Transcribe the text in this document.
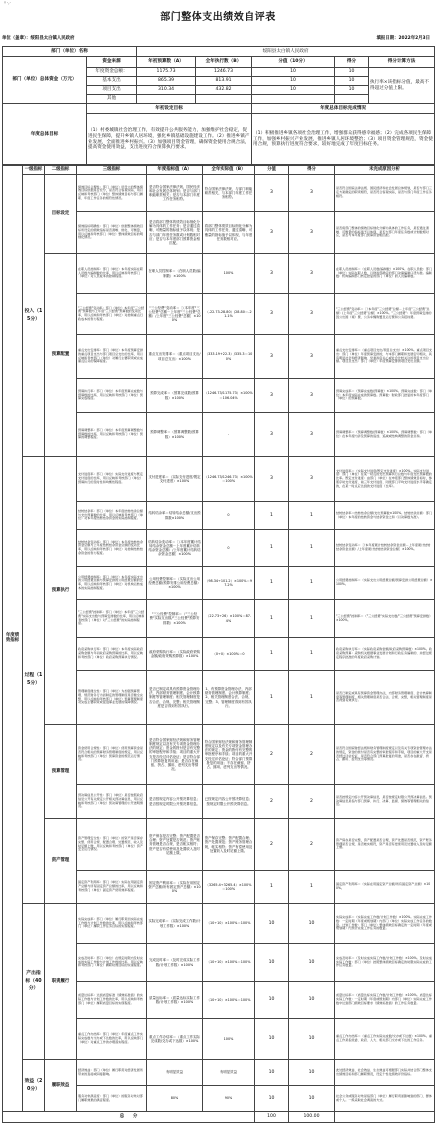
〃·,·
部门整体支出绩效自评表
单位（盖章）：绥阳县太白镇人民政府	填报日期：2022年2月3日
部门（单位）名称		绥阳县太白镇人民政府				
部门（单位）总体资金（万元）	资金来源	年初预算数（A）	全年执行数（B）	分值（10分）	得分	得分计算方法
	年度资金总额：	1175.73	1246.73	10	10	执行率×该指标分值，最高不得超过分值上限。
	基本支出	865.39	813.91	10	10	
	项目支出	310.34	432.82	10	10	
	其他					
年度总体目标	年初设定目标			年度总体目标完成情况		
	（1）村委城镇社会治理工作，有效提升公共服务能力，加强维护社会稳定，促进民生保障，提升乡镇人居环境，强化乡镇基础设施建设工作。（2）推进乡镇产业发展，全面推进乡村振兴。（3）加强项目资金管理，确保资金使用合规合法，提高资金使用效益，支出进度符合预算执行要求。			（1）积极推进乡镇各项社会治理工作，增强群众获得感幸福感；（2）完成各项民生保障工作，加强乡村振兴产业发展，推进乡镇人居环境整治；（3）项目资金管理规范，资金使用合规，预算执行进度符合要求，较好地完成了年度目标任务。		
年度绩效指标	一级指标	二级指标	三级指标	年度指标值（A）	全年实际值（B）	分值	得分	未完成原因分析
	投入（15分）	目标设定	绩效目标合理性：部门（单位）所设立的整体绩效目标依据是否充分，是否符合客观实际，用以反映和考核部门（单位）整体绩效目标与部门履职、年度工作任务的相符性情况。	是否符合国家法律法规、国民经济和社会发展总体规划；是否与部门职能职责相关；是否与本部门年度工作任务相符。	符合国家法律法规，与部门职能职责相关，与本部门年度工作任务相符。	3	3	是否符合国家法律法规、国民经济和社会发展总体规划，是否与部门三定方案确定的职责相符，是否符合客观实际，是否与部门年度工作任务相符。
			绩效指标明确性：部门（单位）依据整体绩效目标所设定的绩效指标是否清晰、细化、可衡量，用以反映和考核部门（单位）整体绩效目标的明细化情况。	是否将部门整体的绩效目标细化分解为具体的工作任务；是否通过清晰、可衡量的指标值予以体现；是否与部门年度任务数或计划数相对应；是否与本年度部门预算资金相匹配。	将部门整体绩效目标细化分解为具体的工作任务，通过清晰、可衡量的指标值予以体现，与年度任务数相对应。	3	3	是否将部门整体的绩效目标细化分解为具体的工作任务，是否通过清晰、可衡量的指标值予以体现，是否与部门年度任务数或计划数相对应，是否与本年度部门预算资金相匹配。
		预算配置	在职人员控制率：部门（单位）本年度实际在职人员数与编制数的比率，用以反映和考核部门（单位）对人员成本的控制程度。	在职人员控制率＝（在职人员数/编制数）×100%	100%	3	3	在职人员控制率＝（在职人员数/编制数）×100%。在职人员数：部门（单位）实际在职人数，以财政部确定的部门决算编制口径为准。编制数：机构编制部门核定批复的部门（单位）的人员编制数。
			"三公经费"变动率：部门（单位）本年度"三公经费"预算数与上年度"三公经费"预算数的变动比率，用以反映和考核部门（单位）对控制重点行政成本的努力程度。	"三公经费"变动率＝［（本年度"三公经费"总额－上年度"三公经费"总额）/上年度"三公经费"总额］×100%	（-22.73-28.80）/28.80＝-21.1%	3	3	"三公经费"变动率＝［（本年度"三公经费"总额－上年度"三公经费"总额）/上年度"三公经费"总额］×100%。"三公经费"：年度预算安排的因公出国（境）费、公务车辆购置及运行费和公务招待费。
			重点支出安排率：部门（单位）本年度预算安排的重点项目支出与部门项目总支出的比率，用以反映和考核部门（单位）对履行主要职责或完成重点任务的保障程度。	重点支出安排率＝（重点项目支出/项目总支出）×100%	（333.19+22.3）/335.3＝100%	3	3	重点支出安排率＝（重点项目支出/项目总支出）×100%。重点项目支出：部门（单位）年度预算安排的，与本部门履职和发展密切相关、具有明显社会和经济影响、党委政府关心或社会比较关注的项目支出总额。项目总支出：部门（单位）年度预算安排的项目支出总额。
			预算执行率：部门（单位）本年度预算完成数与预算数的比率，用以反映和考核部门（单位）预算完成程度。	预算完成率＝（预算完成数/预算数）×100%	（1246.73/1175.73）×100%＝106.04%	3	3	预算完成率＝（预算完成数/预算数）×100%。预算完成数：部门（单位）本年度实际完成的预算数。预算数：财政部门批复的本年度部门（单位）的预算数。
			预算调整率：部门（单位）本年度预算调整数与预算数的比率，用以反映和考核部门（单位）预算的调整程度。	预算调整率＝（预算调整数/预算数）×100%	-	3	3	预算调整率＝（预算调整数/预算数）×100%。预算调整数：部门（单位）在本年度内涉及预算的追加、追减或结构调整的资金总和。
	过程（15分）	预算执行	支付进度率：部门（单位）实际支付进度与既定支付进度的比率，用以反映和考核部门（单位）预算执行的及时性和均衡性程度。	支付进度率＝（实际支付进度/既定支付进度）×100%	（1246.73/1246.73）×100%＝100%	3	3	支付进度率＝（实际支付进度/既定支付进度）×100%。实际支付进度：部门（单位）在某一时点的支出预算执行总数与年度支出预算数的比率。既定支付进度：由部门（单位）在申报部门整体绩效目标时，参照序时支付进度、前三年支付进度、同级部门平均支付进度水平等确定的，在某一时点应达到的支付进度（比率）。
			结转结余率：部门（单位）本年度结转结余总额与支出预算数的比率，用以反映和考核部门（单位）对本年度结转结余资金的实际控制程度。	结转结余率＝结转结余总额/支出预算数×100%	0	1	1	结转结余率＝结转结余总额/支出预算数×100%。结转结余总额：部门（单位）本年度的结转资金与结余资金之和（以决算数为准）。
			结转结余变动率：部门（单位）本年度结转结余资金总额与上年度结转结余资金总额的变动比率，用以反映和考核部门（单位）对控制结转结余资金的努力程度。	结转结余变动率＝［（本年度累计结转结余资金总额－上年度累计结转结余资金总额）/上年度累计结转结余资金总额］×100%	0	1	1	结转结余变动率＝［（本年度累计结转结余资金总额－上年度累计结转结余资金总额）/上年度累计结转结余资金总额］×100%。
			公用经费控制率：部门（单位）本年度实际支出的公用经费总额与预算安排的公用经费总额的比率，用以反映和考核部门（单位）对机构运转成本的实际控制程度。	公用经费控制率＝（实际支出公用经费总额/预算安排公用经费总额）×100%	（98.34÷101.2）×100%＝97.2%	1	1	公用经费控制率＝（实际支出公用经费总额/预算安排公用经费总额）×100%。
			"三公经费"控制率：部门（单位）本年度"三公经费"实际支出数与预算安排数的比率，用以反映和考核部门（单位）对"三公经费"的实际控制程度。	"三公经费"控制率＝（"三公经费"实际支出数/"三公经费"预算安排数）×100%	（22.73÷26）×100%＝87.4%	1	1	"三公经费"控制率＝（"三公经费"实际支出数/"三公经费"预算安排数）×100%。
			政府采购执行率：部门（单位）本年度实际政府采购金额与年初政府采购预算的比率，用以反映和考核部门（单位）政府采购预算执行情况。	政府采购执行率＝（实际政府采购金额/政府采购预算数）×100%	（0÷0）×100%＝0	1	1	政府采购执行率＝（实际政府采购金额/政府采购预算数）×100%。政府采购预算：采购机关根据事业发展计划和行政任务编制的、并经过规定程序批准的年度政府采购计划。
			管理制度健全性：部门（单位）为加强预算管理、规范财务行为而制定的管理制度是否健全完整，用以反映和考核部门（单位）预算管理制度对完成主要职责或促进事业发展的保障情况。	是否已制定或具有预算资金管理办法，内部财务管理制度、会计核算制度等管理制度；相关管理制度是否合法、合规、完整；相关管理制度是否得到有效执行。	1、有预算资金管理办法，内部财务管理制度、会计核算制度；2、相关管理制度合法、合规、完整；3、管理制度得到有效执行。	1	1	是否已制定或具有预算资金管理办法，内部财务管理制度、会计核算制度等管理制度，相关管理制度是否合法、合规、完整，相关管理制度是否得到有效执行。
		预算管理	资金使用合规性：部门（单位）使用预算资金是否符合相关的预算财务管理制度的规定，用以反映和考核部门（单位）预算资金的规范运行情况。	是否符合国家财经法规和财务管理制度规定以及有关专项资金管理办法的规定；资金的拨付是否有完整的审批程序和手续；项目的重大开支是否经过评估论证；是否符合部门预算批复的用途；是否存在截留、挤占、挪用、虚列支出等情况。	符合国家财经法规和财务管理制度规定以及有关专项资金管理办法的规定；资金的拨付有完整的审批程序和手续；项目的重大开支经过评估论证；符合部门预算批复的用途；不存在截留、挤占、挪用、虚列支出等情况。	2	2	是否符合国家财经法规和财务管理制度规定以及有关专项资金管理办法的规定，资金的拨付是否有完整的审批程序和手续，项目的重大开支是否经过评估论证，是否符合部门预算批复的用途，是否存在截留、挤占、挪用、虚列支出等情况。
			预决算信息公开性：部门（单位）是否按照政府信息公开有关规定公开相关预决算信息，用以反映和考核部门（单位）预决算管理的公开透明情况。	是否按规定内容公开预决算信息；是否按规定时限公开预决算信息。	已按规定内容公开预决算信息；按规定时限公开预决算信息。	2	2	是否按规定内容公开预决算信息，是否按规定时限公开预决算信息。预决算信息是指与部门预算、执行、决算、监督、绩效等管理相关的信息。
		资产管理	资产管理安全性：部门（单位）的资产是否保存完整、使用合规、配置合理、处置规范、收入及时足额上缴，用以反映和考核部门（单位）资产安全运行情况。	资产保存是否完整；资产配置是否合理；资产处置是否规范；资产账务管理是否合规，是否帐实相符；资产是否有偿使用及处置收入及时足额上缴。	资产保存完整；资产配置合理；资产处置规范；资产账务管理合规，帐实相符；资产有偿使用及处置收入及时足额上缴。	2	2	资产保存是否完整，资产配置是否合理，资产处置是否规范，资产账务管理是否合规，是否帐实相符，资产是否有偿使用及处置收入及时足额上缴。
			固定资产利用率：部门（单位）实际在用固定资产总额与所有固定资产总额的比率，用以反映和考核部门（单位）固定资产使用效率程度。	固定资产利用率＝（实际在用固定资产总额/所有固定资产总额）×100%	（3265.4÷3265.4）×100%＝100%	1	1	固定资产利用率＝（实际在用固定资产总额/所有固定资产总额）×100%。
	产出指标（40分）	职责履行	实际完成率：部门（单位）履行职责而实际完成工作数与计划工作数的比率，用以反映和考核部门（单位）履职工作任务目标的实现程度。	实际完成率＝（实际完成工作数/计划工作数）×100%	（10÷10）×100%＝100%	10	10	实际完成率＝（实际完成工作数/计划工作数）×100%。实际完成工作数：一定时期（年度或规划期）内部门（单位）实际完成工作任务的数量。计划工作数：部门（单位）整体绩效目标确定的一定时期（年度或规划期）内预计完成工作任务的数量。
			完成及时率：部门（单位）在规定时限内及时完成的实际工作数与计划工作数的比率，用以反映和考核部门（单位）履职时效目标的实现程度。	完成及时率＝（及时完成实际工作数/计划工作数）×100%	（10÷10）×100%＝100%	10	10	完成及时率＝（及时完成实际工作数/计划工作数）×100%。及时完成实际工作数：部门（单位）按照整体绩效目标确定的时限实际完成的工作任务数量。
			质量达标率：达到质量标准（绩效标准值）的实际工作数与计划工作数的比率，用以反映和考核部门（单位）履职质量目标的实现程度。	质量达标率＝（质量达标实际工作数/计划工作数）×100%	（10÷10）×100%＝100%	10	10	质量达标率＝（质量达标实际工作数/计划工作数）×100%。质量达标实际工作数：一定时期（年度或规划期）内部门（单位）实际完成工作数中达到部门绩效目标要求（绩效标准值）的工作任务数量。
			重点工作办结率：部门（单位）年度重点工作实际完成数与交办或下达数的比率，用以反映部门（单位）对重点工作的办理落实程度。	重点工作办结率＝（重点工作实际完成数/交办或下达数）×100%	100%	10	10	重点工作办结率＝（重点工作实际完成数/交办或下达数）×100%。重点工作是指党委、政府、人大、相关部门交办或下达的工作任务。
	效益（20分）	履职效益	经济效益：部门（单位）履行职责对经济发展所带来的直接或间接影响。	有明显效益	有明显效益	10	10	此处经济效益、社会效益、生态效益可根据部门实际并结合部门整体支出绩效目标和部门履职情况，设定个性化绩效评价指标。
			服务对象满意度：部门（单位）的服务对象对部门履职效果的满意程度。	80%	90%	10	10	社会公众或服务对象是指部门（单位）履行职责而影响到的部门、群体或个人。一般采取社会调查的方式。
总　　分						100	100.00	
